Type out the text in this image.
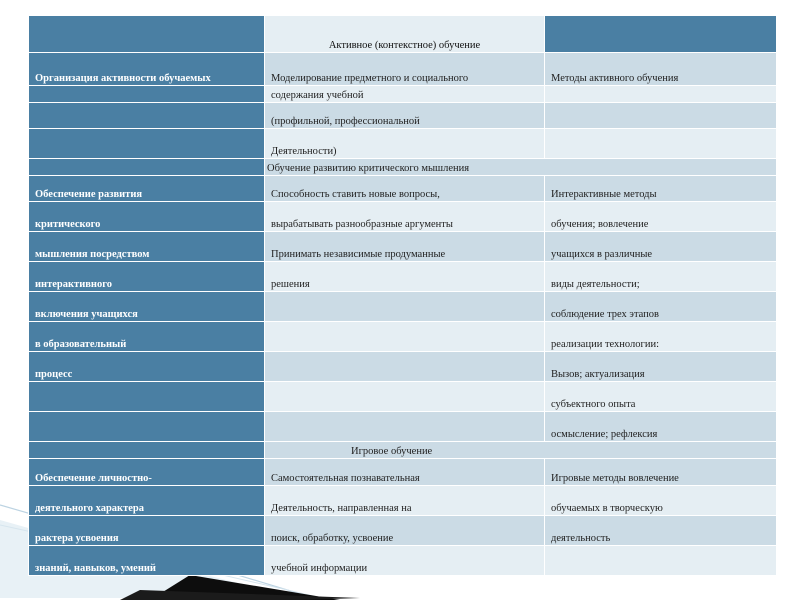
	Активное (контекстное) обучение	
Организация активности обучаемых	Моделирование предметного и социального	Методы активного обучения
	содержания учебной	
	(профильной, профессиональной	
	Деятельности)	
	Обучение развитию критического мышления	
Обеспечение развития	Способность ставить новые вопросы,	Интерактивные методы
критического	вырабатывать разнообразные аргументы	обучения; вовлечение
мышления посредством	Принимать независимые продуманные	учащихся в различные
интерактивного	решения	виды деятельности;
включения учащихся		соблюдение трех этапов
в образовательный		реализации технологии:
процесс		Вызов; актуализация
		субъектного опыта
		осмысление; рефлексия
	Игровое обучение	
Обеспечение личностно-	Самостоятельная познавательная	Игровые методы вовлечение
деятельного характера	Деятельность, направленная на	обучаемых в творческую
рактера усвоения	поиск, обработку, усвоение	деятельность
знаний, навыков, умений	учебной информации	
